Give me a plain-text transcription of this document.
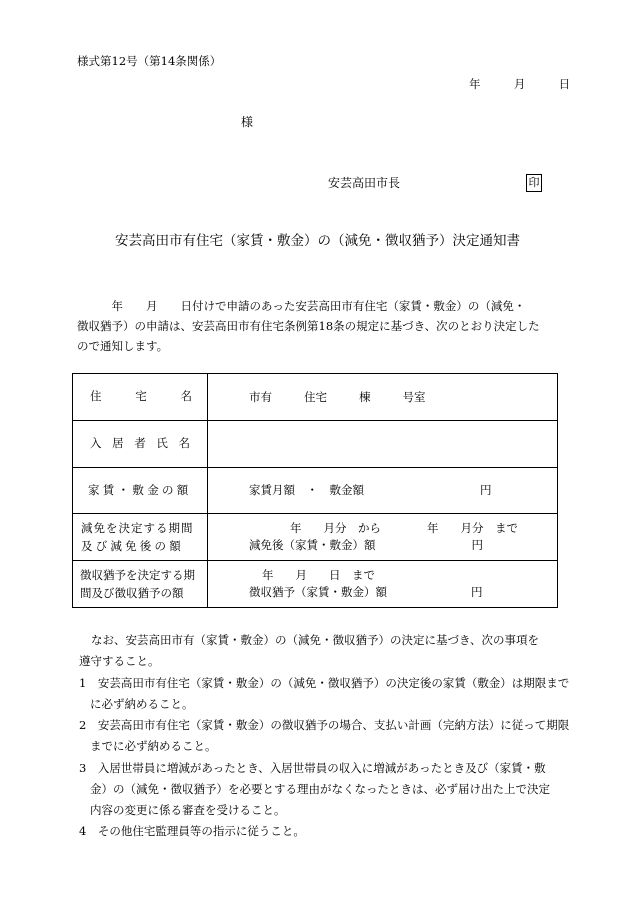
様式第12号（第14条関係）
年	月	日
様
安芸高田市長	印
安芸高田市有住宅（家賃・敷金）の（減免・徴収猶予）決定通知書
　　　年　　月　　日付けで申請のあった安芸高田市有住宅（家賃・敷金）の（減免・
徴収猶予）の申請は、安芸高田市有住宅条例第18条の規定に基づき、次のとおり決定した
ので通知します。
住 宅 名	市有 住宅 棟 号室

入 居 者 氏 名	

家賃・敷金の額	家賃月額　・　敷金額 円

減免を決定する期間
及び減免後の額	年 月分　から 年 月分　まで
減免後（家賃・敷金）額 円

徴収猶予を決定する期
間及び徴収猶予の額	年 月 日　まで
徴収猶予（家賃・敷金）額 円
なお、安芸高田市有（家賃・敷金）の（減免・徴収猶予）の決定に基づき、次の事項を
遵守すること。
1　安芸高田市有住宅（家賃・敷金）の（減免・徴収猶予）の決定後の家賃（敷金）は期限まで
に必ず納めること。
2　安芸高田市有住宅（家賃・敷金）の徴収猶予の場合、支払い計画（完納方法）に従って期限
までに必ず納めること。
3　入居世帯員に増減があったとき、入居世帯員の収入に増減があったとき及び（家賃・敷
金）の（減免・徴収猶予）を必要とする理由がなくなったときは、必ず届け出た上で決定
内容の変更に係る審査を受けること。
4　その他住宅監理員等の指示に従うこと。
